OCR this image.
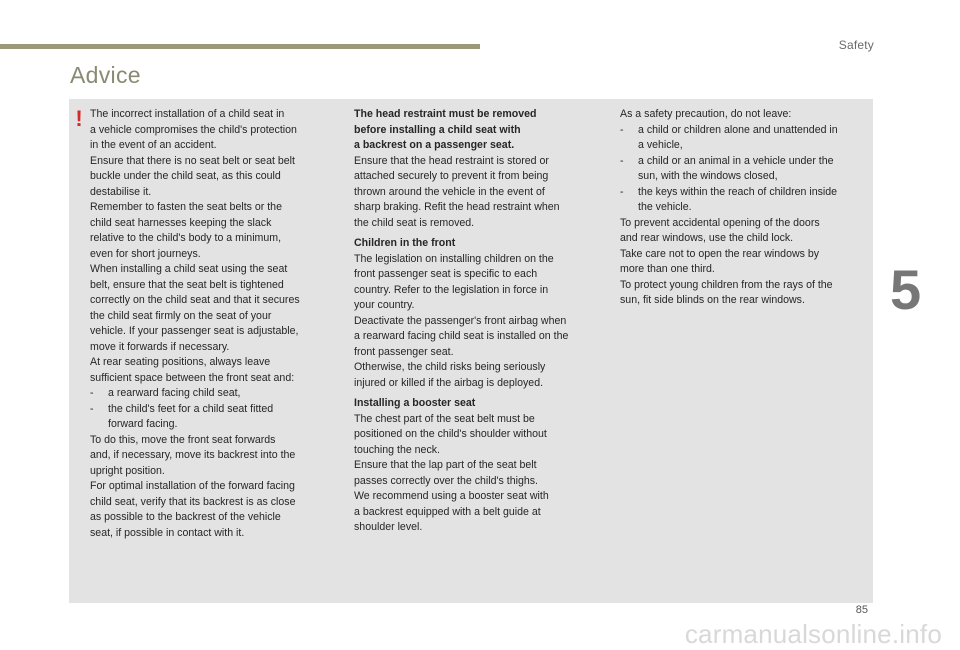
Safety
Advice
5
! The incorrect installation of a child seat in
a vehicle compromises the child's protection
in the event of an accident.
Ensure that there is no seat belt or seat belt
buckle under the child seat, as this could
destabilise it.
Remember to fasten the seat belts or the
child seat harnesses keeping the slack
relative to the child's body to a minimum,
even for short journeys.
When installing a child seat using the seat
belt, ensure that the seat belt is tightened
correctly on the child seat and that it secures
the child seat firmly on the seat of your
vehicle. If your passenger seat is adjustable,
move it forwards if necessary.
At rear seating positions, always leave
sufficient space between the front seat and:
- a rearward facing child seat,
- the child's feet for a child seat fitted
forward facing.
To do this, move the front seat forwards
and, if necessary, move its backrest into the
upright position.
For optimal installation of the forward facing
child seat, verify that its backrest is as close
as possible to the backrest of the vehicle
seat, if possible in contact with it.
The head restraint must be removed
before installing a child seat with
a backrest on a passenger seat.
Ensure that the head restraint is stored or
attached securely to prevent it from being
thrown around the vehicle in the event of
sharp braking. Refit the head restraint when
the child seat is removed.
Children in the front
The legislation on installing children on the
front passenger seat is specific to each
country. Refer to the legislation in force in
your country.
Deactivate the passenger's front airbag when
a rearward facing child seat is installed on the
front passenger seat.
Otherwise, the child risks being seriously
injured or killed if the airbag is deployed.
Installing a booster seat
The chest part of the seat belt must be
positioned on the child's shoulder without
touching the neck.
Ensure that the lap part of the seat belt
passes correctly over the child's thighs.
We recommend using a booster seat with
a backrest equipped with a belt guide at
shoulder level.
As a safety precaution, do not leave:
- a child or children alone and unattended in
a vehicle,
- a child or an animal in a vehicle under the
sun, with the windows closed,
- the keys within the reach of children inside
the vehicle.
To prevent accidental opening of the doors
and rear windows, use the child lock.
Take care not to open the rear windows by
more than one third.
To protect young children from the rays of the
sun, fit side blinds on the rear windows.
85
carmanualsonline.info
